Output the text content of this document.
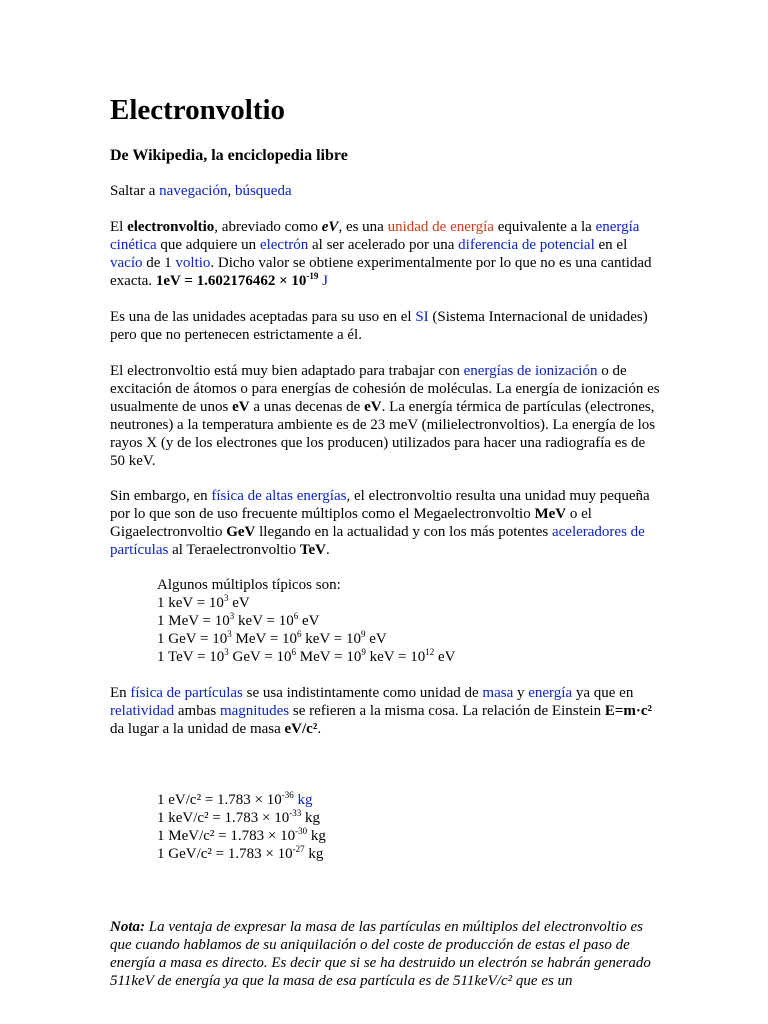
Electronvoltio
De Wikipedia, la enciclopedia libre

Saltar a navegación, búsqueda

El electronvoltio, abreviado como eV, es una unidad de energía equivalente a la energía cinética que adquiere un electrón al ser acelerado por una diferencia de potencial en el vacío de 1 voltio. Dicho valor se obtiene experimentalmente por lo que no es una cantidad exacta. $1eV = 1.602176462 \times 10^{-19}$ J

Es una de las unidades aceptadas para su uso en el SI (Sistema Internacional de unidades) pero que no pertenecen estrictamente a él.

El electronvoltio está muy bien adaptado para trabajar con energías de ionización o de excitación de átomos o para energías de cohesión de moléculas. La energía de ionización es usualmente de unos eV a unas decenas de eV. La energía térmica de partículas (electrones, neutrones) a la temperatura ambiente es de 23 meV (milielectronvoltios). La energía de los rayos X (y de los electrones que los producen) utilizados para hacer una radiografía es de 50 keV.

Sin embargo, en física de altas energías, el electronvoltio resulta una unidad muy pequeña por lo que son de uso frecuente múltiplos como el Megaelectronvoltio MeV o el Gigaelectronvoltio GeV llegando en la actualidad y con los más potentes aceleradores de partículas al Teraelectronvoltio TeV.

Algunos múltiplos típicos son:
1 keV = $10^3$ eV
1 MeV = $10^3$ keV = $10^6$ eV
1 GeV = $10^3$ MeV = $10^6$ keV = $10^9$ eV
1 TeV = $10^3$ GeV = $10^6$ MeV = $10^9$ keV = $10^{12}$ eV

En física de partículas se usa indistintamente como unidad de masa y energía ya que en relatividad ambas magnitudes se refieren a la misma cosa. La relación de Einstein E=m·c² da lugar a la unidad de masa eV/c².

1 $eV/c^2 = 1.783 \times 10^{-36}$ kg
1 $keV/c^2 = 1.783 \times 10^{-33}$ kg
1 $MeV/c^2 = 1.783 \times 10^{-30}$ kg
1 $GeV/c^2 = 1.783 \times 10^{-27}$ kg

Nota: La ventaja de expresar la masa de las partículas en múltiplos del electronvoltio es que cuando hablamos de su aniquilación o del coste de producción de estas el paso de energía a masa es directo. Es decir que si se ha destruido un electrón se habrán generado 511keV de energía ya que la masa de esa partícula es de 511keV/c² que es un
